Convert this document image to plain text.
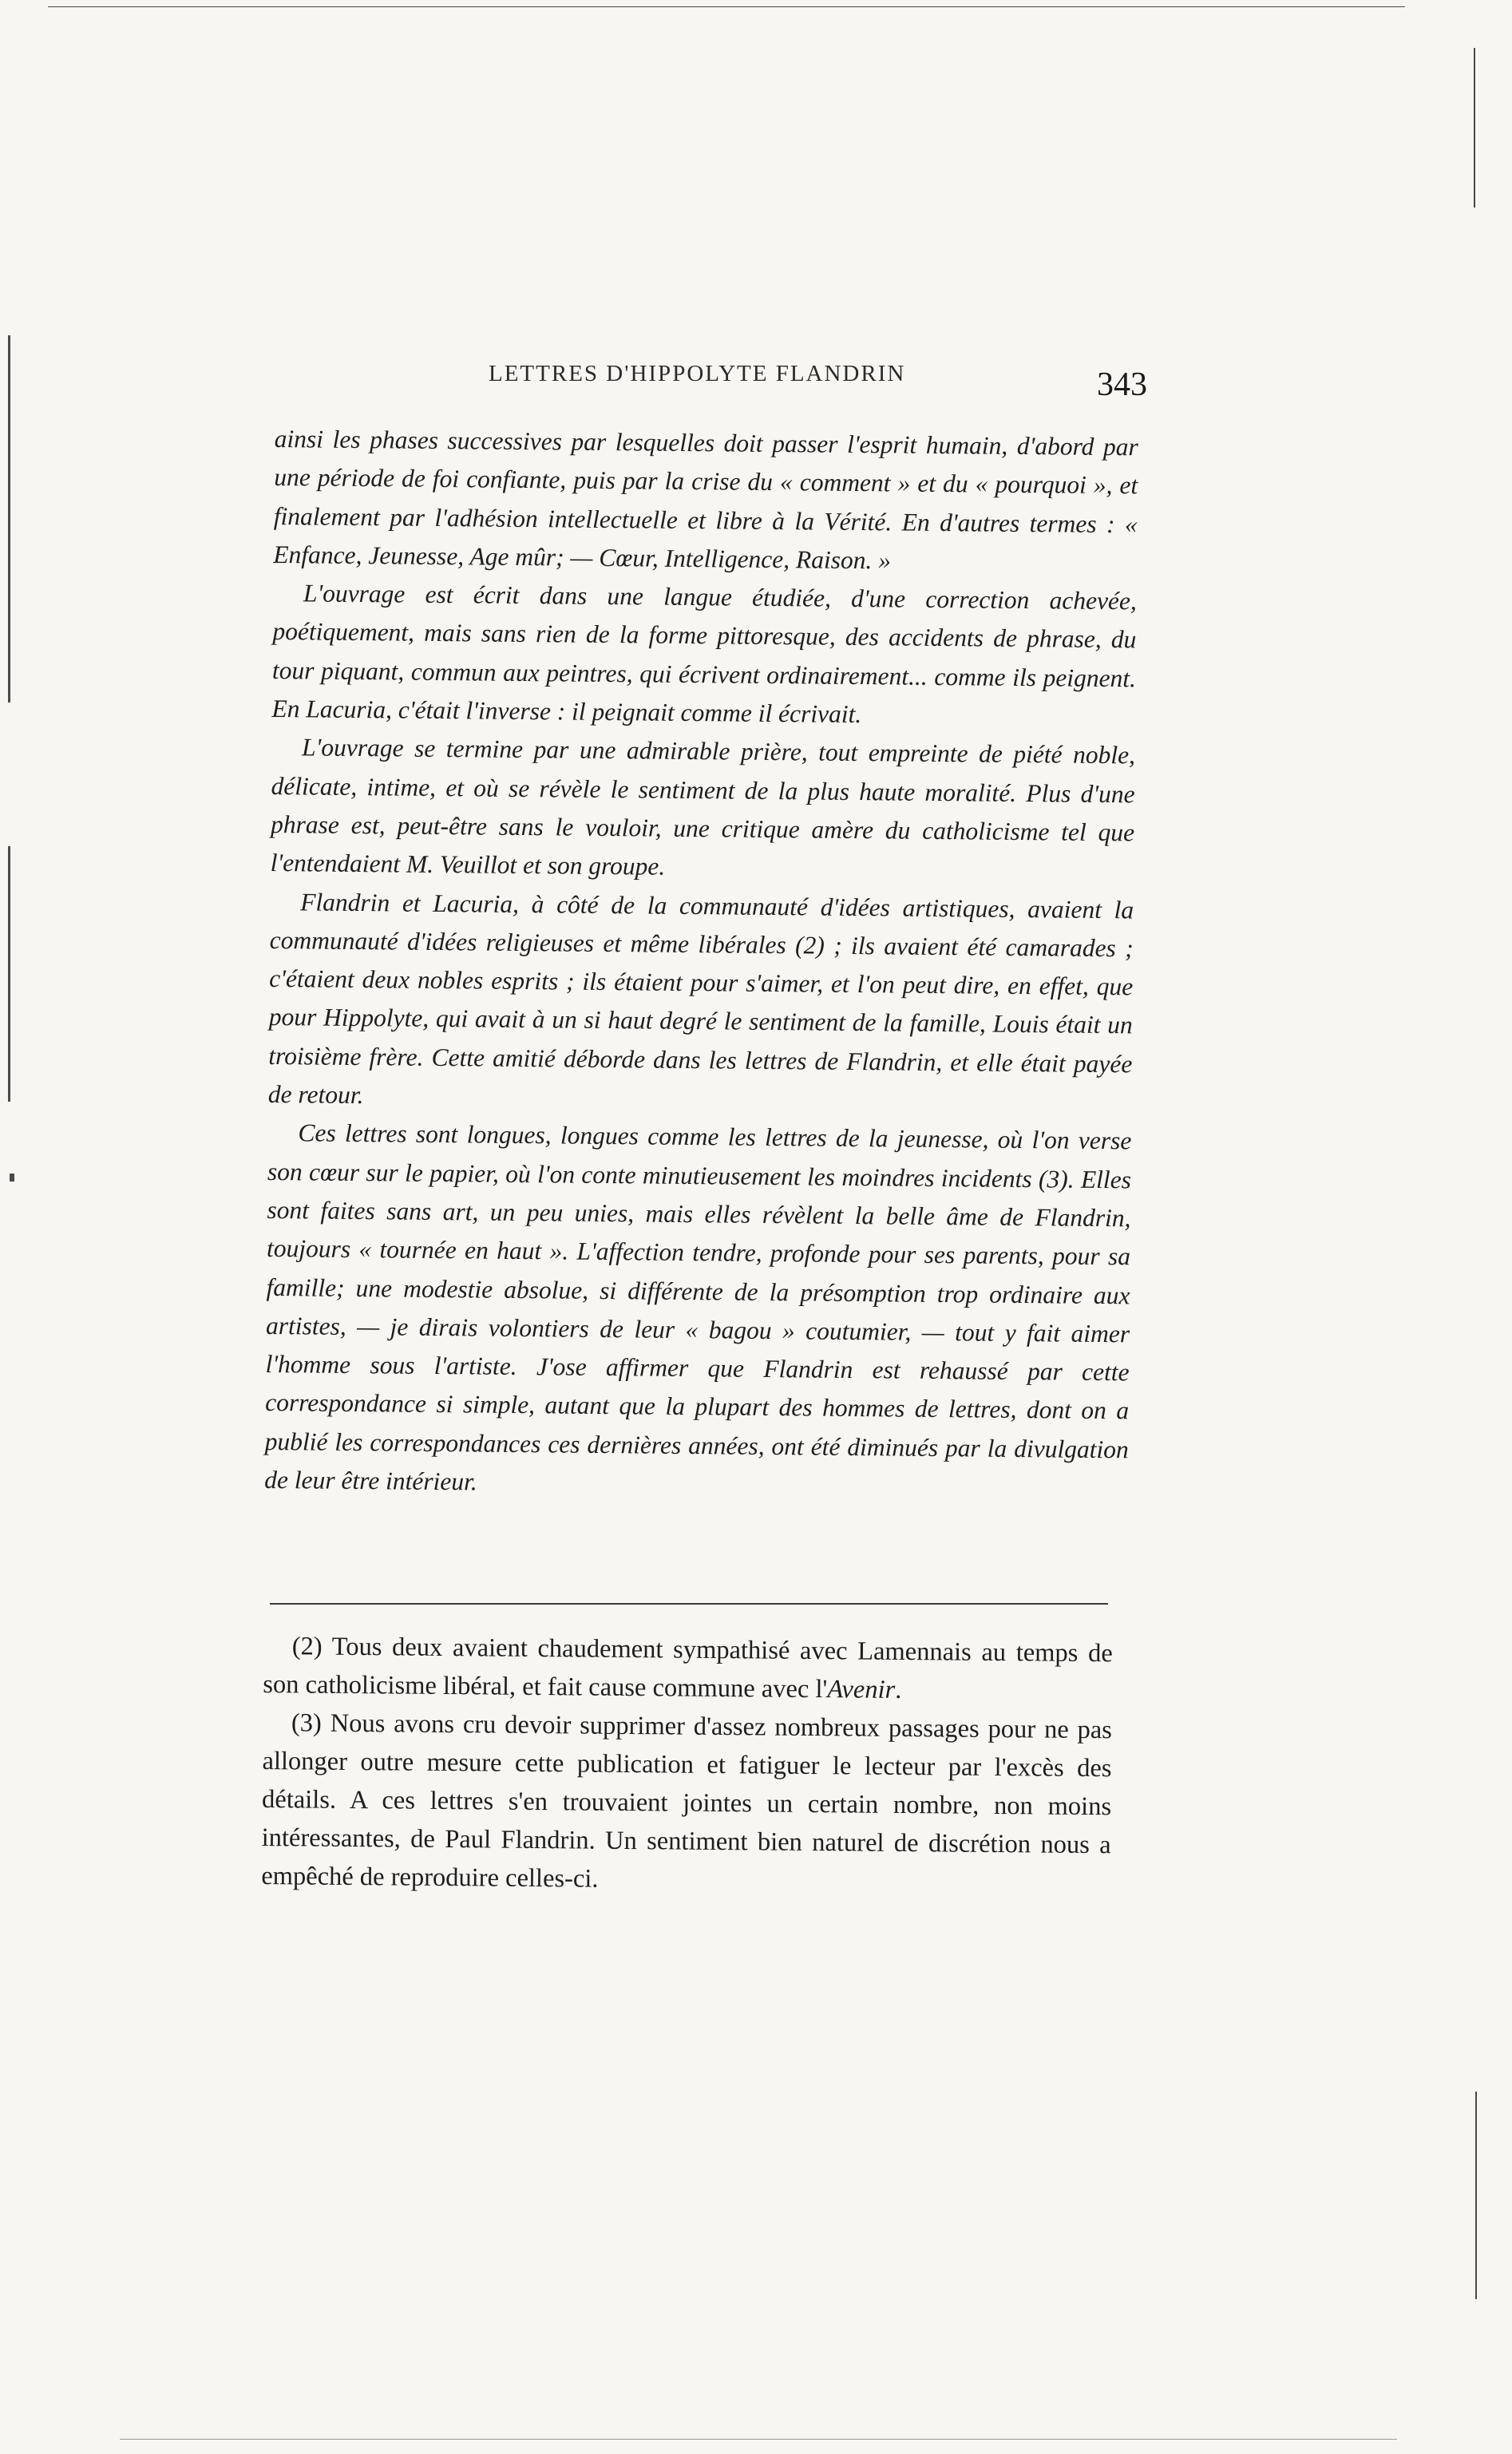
LETTRES D'HIPPOLYTE FLANDRIN	343

ainsi les phases successives par lesquelles doit passer l'esprit humain, d'abord par une période de foi confiante, puis par la crise du « comment » et du « pourquoi », et finalement par l'adhésion intellectuelle et libre à la Vérité. En d'autres termes : « Enfance, Jeunesse, Age mûr; — Cœur, Intelligence, Raison. »

L'ouvrage est écrit dans une langue étudiée, d'une correction achevée, poétiquement, mais sans rien de la forme pittoresque, des accidents de phrase, du tour piquant, commun aux peintres, qui écrivent ordinairement... comme ils peignent. En Lacuria, c'était l'inverse : il peignait comme il écrivait.

L'ouvrage se termine par une admirable prière, tout empreinte de piété noble, délicate, intime, et où se révèle le sentiment de la plus haute moralité. Plus d'une phrase est, peut-être sans le vouloir, une critique amère du catholicisme tel que l'entendaient M. Veuillot et son groupe.

Flandrin et Lacuria, à côté de la communauté d'idées artistiques, avaient la communauté d'idées religieuses et même libérales (2) ; ils avaient été camarades ; c'étaient deux nobles esprits ; ils étaient pour s'aimer, et l'on peut dire, en effet, que pour Hippolyte, qui avait à un si haut degré le sentiment de la famille, Louis était un troisième frère. Cette amitié déborde dans les lettres de Flandrin, et elle était payée de retour.

Ces lettres sont longues, longues comme les lettres de la jeunesse, où l'on verse son cœur sur le papier, où l'on conte minutieusement les moindres incidents (3). Elles sont faites sans art, un peu unies, mais elles révèlent la belle âme de Flandrin, toujours « tournée en haut ». L'affection tendre, profonde pour ses parents, pour sa famille; une modestie absolue, si différente de la présomption trop ordinaire aux artistes, — je dirais volontiers de leur « bagou » coutumier, — tout y fait aimer l'homme sous l'artiste. J'ose affirmer que Flandrin est rehaussé par cette correspondance si simple, autant que la plupart des hommes de lettres, dont on a publié les correspondances ces dernières années, ont été diminués par la divulgation de leur être intérieur.

(2) Tous deux avaient chaudement sympathisé avec Lamennais au temps de son catholicisme libéral, et fait cause commune avec l'Avenir.

(3) Nous avons cru devoir supprimer d'assez nombreux passages pour ne pas allonger outre mesure cette publication et fatiguer le lecteur par l'excès des détails. A ces lettres s'en trouvaient jointes un certain nombre, non moins intéressantes, de Paul Flandrin. Un sentiment bien naturel de discrétion nous a empêché de reproduire celles-ci.
